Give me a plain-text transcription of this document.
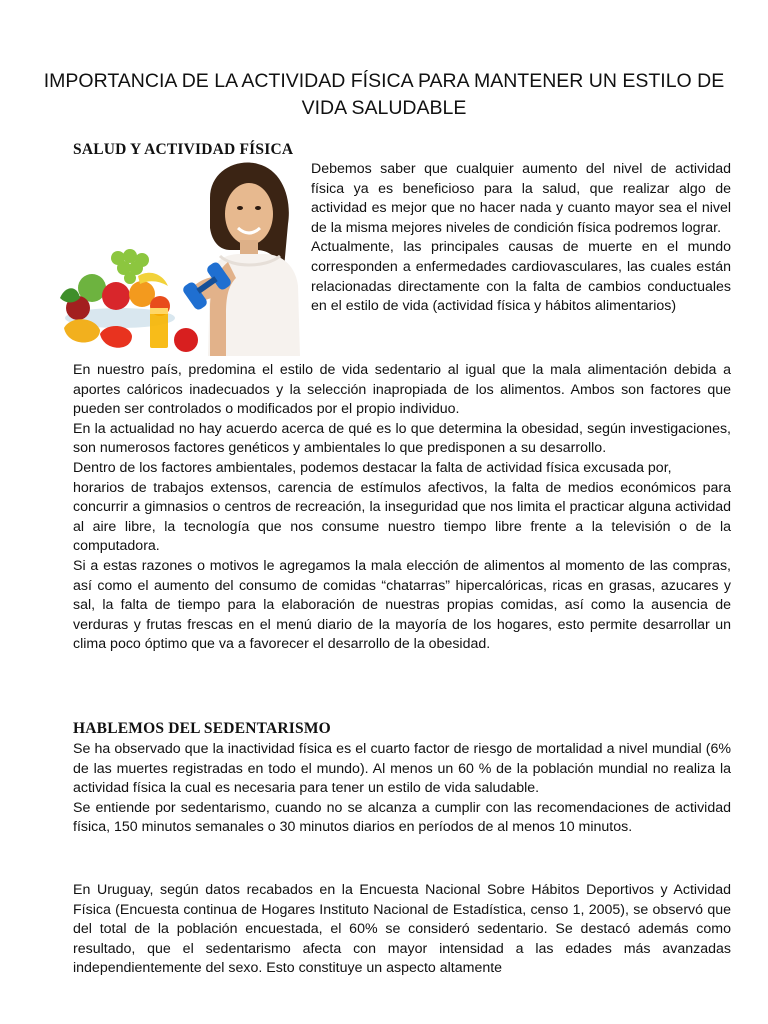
IMPORTANCIA DE LA ACTIVIDAD FÍSICA PARA MANTENER UN ESTILO DE VIDA SALUDABLE
SALUD Y ACTIVIDAD FÍSICA

Debemos saber que cualquier aumento del nivel de actividad física ya es beneficioso para la salud, que realizar algo de actividad es mejor que no hacer nada y cuanto mayor sea el nivel de la misma mejores niveles de condición física podremos lograr.

Actualmente, las principales causas de muerte en el mundo corresponden a enfermedades cardiovasculares, las cuales están relacionadas directamente con la falta de cambios conductuales en el estilo de vida (actividad física y hábitos alimentarios)

En nuestro país, predomina el estilo de vida sedentario al igual que la mala alimentación debida a aportes calóricos inadecuados y la selección inapropiada de los alimentos. Ambos son factores que pueden ser controlados o modificados por el propio individuo.

En la actualidad no hay acuerdo acerca de qué es lo que determina la obesidad, según investigaciones, son numerosos factores genéticos y ambientales lo que predisponen a su desarrollo.

Dentro de los factores ambientales, podemos destacar la falta de actividad física excusada por,

horarios de trabajos extensos, carencia de estímulos afectivos, la falta de medios económicos para concurrir a gimnasios o centros de recreación, la inseguridad que nos limita el practicar alguna actividad al aire libre, la tecnología que nos consume nuestro tiempo libre frente a la televisión o de la computadora.

Si a estas razones o motivos le agregamos la mala elección de alimentos al momento de las compras, así como el aumento del consumo de comidas “chatarras” hipercalóricas, ricas en grasas, azucares y sal, la falta de tiempo para la elaboración de nuestras propias comidas, así como la ausencia de verduras y frutas frescas en el menú diario de la mayoría de los hogares, esto permite desarrollar un clima poco óptimo que va a favorecer el desarrollo de la obesidad.

HABLEMOS DEL SEDENTARISMO

Se ha observado que la inactividad física es el cuarto factor de riesgo de mortalidad a nivel mundial (6% de las muertes registradas en todo el mundo). Al menos un 60 % de la población mundial no realiza la actividad física la cual es necesaria para tener un estilo de vida saludable.

Se entiende por sedentarismo, cuando no se alcanza a cumplir con las recomendaciones de actividad física, 150 minutos semanales o 30 minutos diarios en períodos de al menos 10 minutos.

En Uruguay, según datos recabados en la Encuesta Nacional Sobre Hábitos Deportivos y Actividad Física (Encuesta continua de Hogares Instituto Nacional de Estadística, censo 1, 2005), se observó que del total de la población encuestada, el 60% se consideró sedentario. Se destacó además como resultado, que el sedentarismo afecta con mayor intensidad a las edades más avanzadas independientemente del sexo. Esto constituye un aspecto altamente
